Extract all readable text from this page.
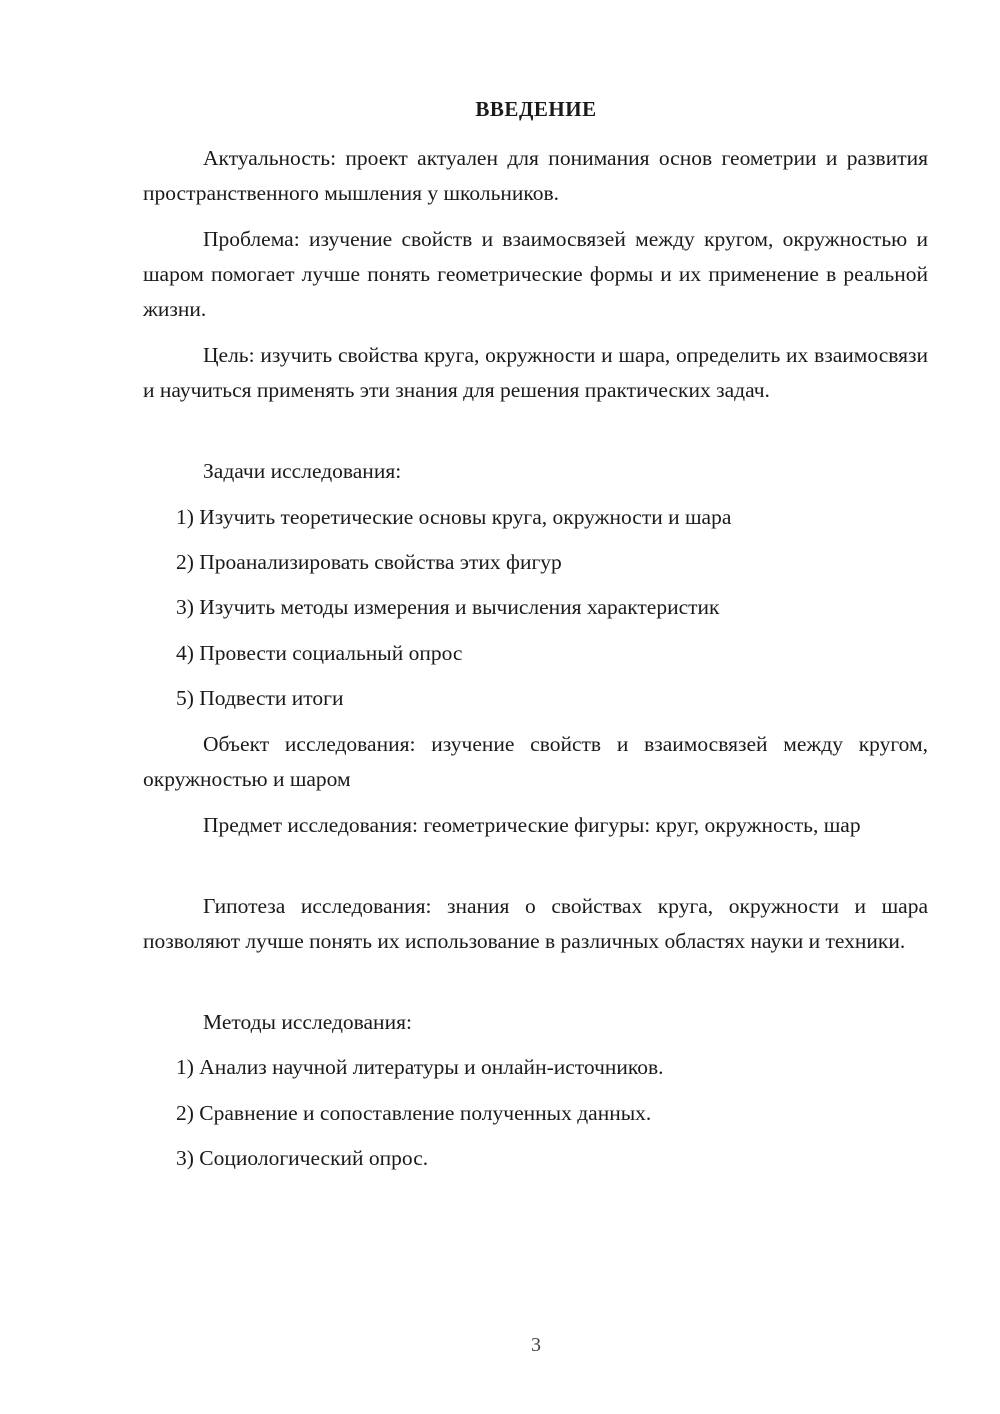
ВВЕДЕНИЕ

Актуальность: проект актуален для понимания основ геометрии и развития пространственного мышления у школьников.

Проблема: изучение свойств и взаимосвязей между кругом, окружностью и шаром помогает лучше понять геометрические формы и их применение в реальной жизни.

Цель: изучить свойства круга, окружности и шара, определить их взаимосвязи и научиться применять эти знания для решения практических задач.

Задачи исследования:
1) Изучить теоретические основы круга, окружности и шара
2) Проанализировать свойства этих фигур
3) Изучить методы измерения и вычисления характеристик
4) Провести социальный опрос
5) Подвести итоги

Объект исследования: изучение свойств и взаимосвязей между кругом, окружностью и шаром

Предмет исследования: геометрические фигуры: круг, окружность, шар

Гипотеза исследования: знания о свойствах круга, окружности и шара позволяют лучше понять их использование в различных областях науки и техники.

Методы исследования:
1) Анализ научной литературы и онлайн-источников.
2) Сравнение и сопоставление полученных данных.
3) Социологический опрос.
3
